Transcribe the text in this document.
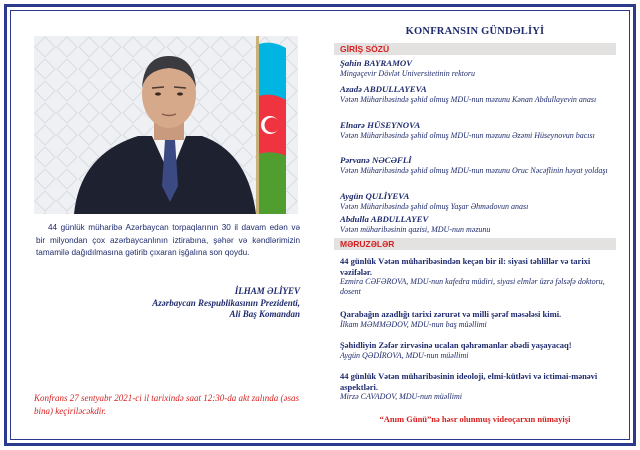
44 günlük müharibə Azərbaycan torpaqlarının 30 il davam edən və bir milyondan çox azərbaycanlının iztirabına, şəhər və kəndlərimizin tamamilə dağıdılmasına gətirib çıxaran işğalına son qoydu.

İLHAM ƏLİYEV
Azərbaycan Respublikasının Prezidenti,
Ali Baş Komandan

Konfrans 27 sentyabr 2021-ci il tarixində saat 12:30-da akt zalında (əsas bina) keçiriləcəkdir.

KONFRANSIN GÜNDƏLİYİ
GİRİŞ SÖZÜ
Şahin BAYRAMOV
Mingəçevir Dövlət Universitetinin rektoru
Azadə ABDULLAYEVA
Vətən Müharibəsində şəhid olmuş MDU-nun məzunu Kənan Abdullayevin anası
Elnarə HÜSEYNOVA
Vətən Müharibəsində şəhid olmuş MDU-nun məzunu Əzəmi Hüseynovun bacısı
Pərvanə NƏCƏFLİ
Vətən Müharibəsində şəhid olmuş MDU-nun məzunu Oruc Nəcəflinin həyat yoldaşı
Aygün QULİYEVA
Vətən Müharibəsində şəhid olmuş Yaşar Əhmədovun anası
Abdulla ABDULLAYEV
Vətən müharibəsinin qazisi, MDU-nun məzunu
MƏRUZƏLƏR
44 günlük Vətən müharibəsindən keçən bir il: siyasi təhlillər və tarixi vəzifələr.
Ezmira CƏFƏROVA, MDU-nun kafedra müdiri, siyasi elmlər üzrə fəlsəfə doktoru, dosent
Qarabağın azadlığı tarixi zərurət və milli şərəf məsələsi kimi.
İlkam MƏMMƏDOV, MDU-nun baş müəllimi
Şəhidliyin Zəfər zirvəsinə ucalan qəhrəmanlar əbədi yaşayacaq!
Aygün QƏDİROVA, MDU-nun müəllimi
44 günlük Vətən müharibəsinin ideoloji, elmi-kütləvi və ictimai-mənəvi aspektləri.
Mirzə CAVADOV, MDU-nun müəllimi
“Anım Günü”nə həsr olunmuş videoçarxın nümayişi
